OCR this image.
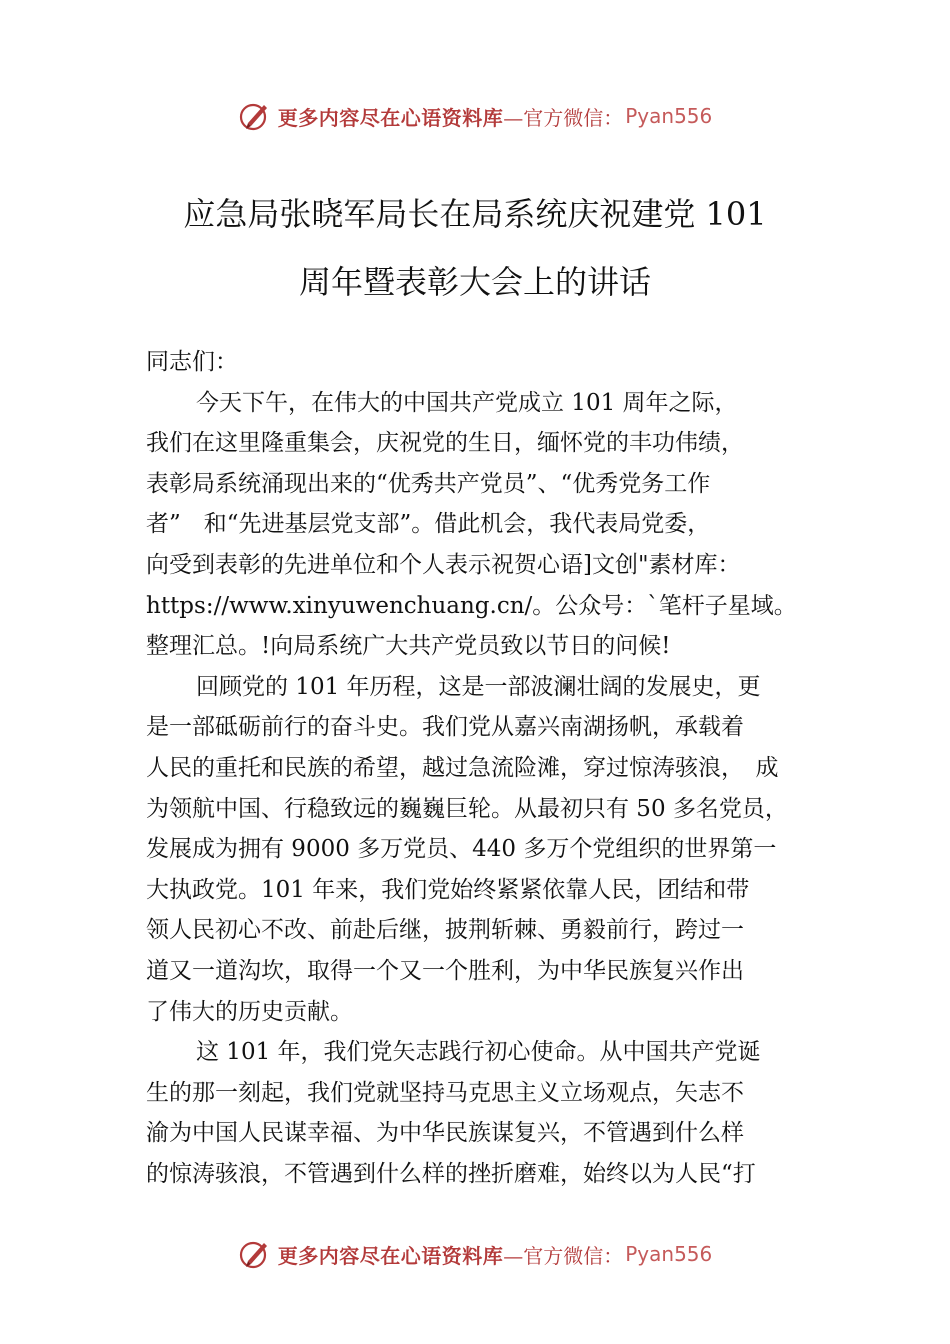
更多内容尽在心语资料库 —官方微信： Pyan556
应急局张晓军局长在局系统庆祝建党 101
周年暨表彰大会上的讲话
同志们：
今天下午，在伟大的中国共产党成立 101 周年之际，
我们在这里隆重集会，庆祝党的生日，缅怀党的丰功伟绩，
表彰局系统涌现出来的“优秀共产党员”、“优秀党务工作
者”　和“先进基层党支部”。借此机会，我代表局党委，
向受到表彰的先进单位和个人表示祝贺心语]文创"素材库：
https://www.xinyuwenchuang.cn/。公众号：`笔杆子星域。
整理汇总。!向局系统广大共产党员致以节日的问候!
回顾党的 101 年历程，这是一部波澜壮阔的发展史，更
是一部砥砺前行的奋斗史。我们党从嘉兴南湖扬帆，承载着
人民的重托和民族的希望，越过急流险滩，穿过惊涛骇浪，　成
为领航中国、行稳致远的巍巍巨轮。从最初只有 50 多名党员，
发展成为拥有 9000 多万党员、440 多万个党组织的世界第一
大执政党。101 年来，我们党始终紧紧依靠人民，团结和带
领人民初心不改、前赴后继，披荆斩棘、勇毅前行，跨过一
道又一道沟坎，取得一个又一个胜利，为中华民族复兴作出
了伟大的历史贡献。
这 101 年，我们党矢志践行初心使命。从中国共产党诞
生的那一刻起，我们党就坚持马克思主义立场观点，矢志不
渝为中国人民谋幸福、为中华民族谋复兴，不管遇到什么样
的惊涛骇浪，不管遇到什么样的挫折磨难，始终以为人民“打
更多内容尽在心语资料库 —官方微信： Pyan556
